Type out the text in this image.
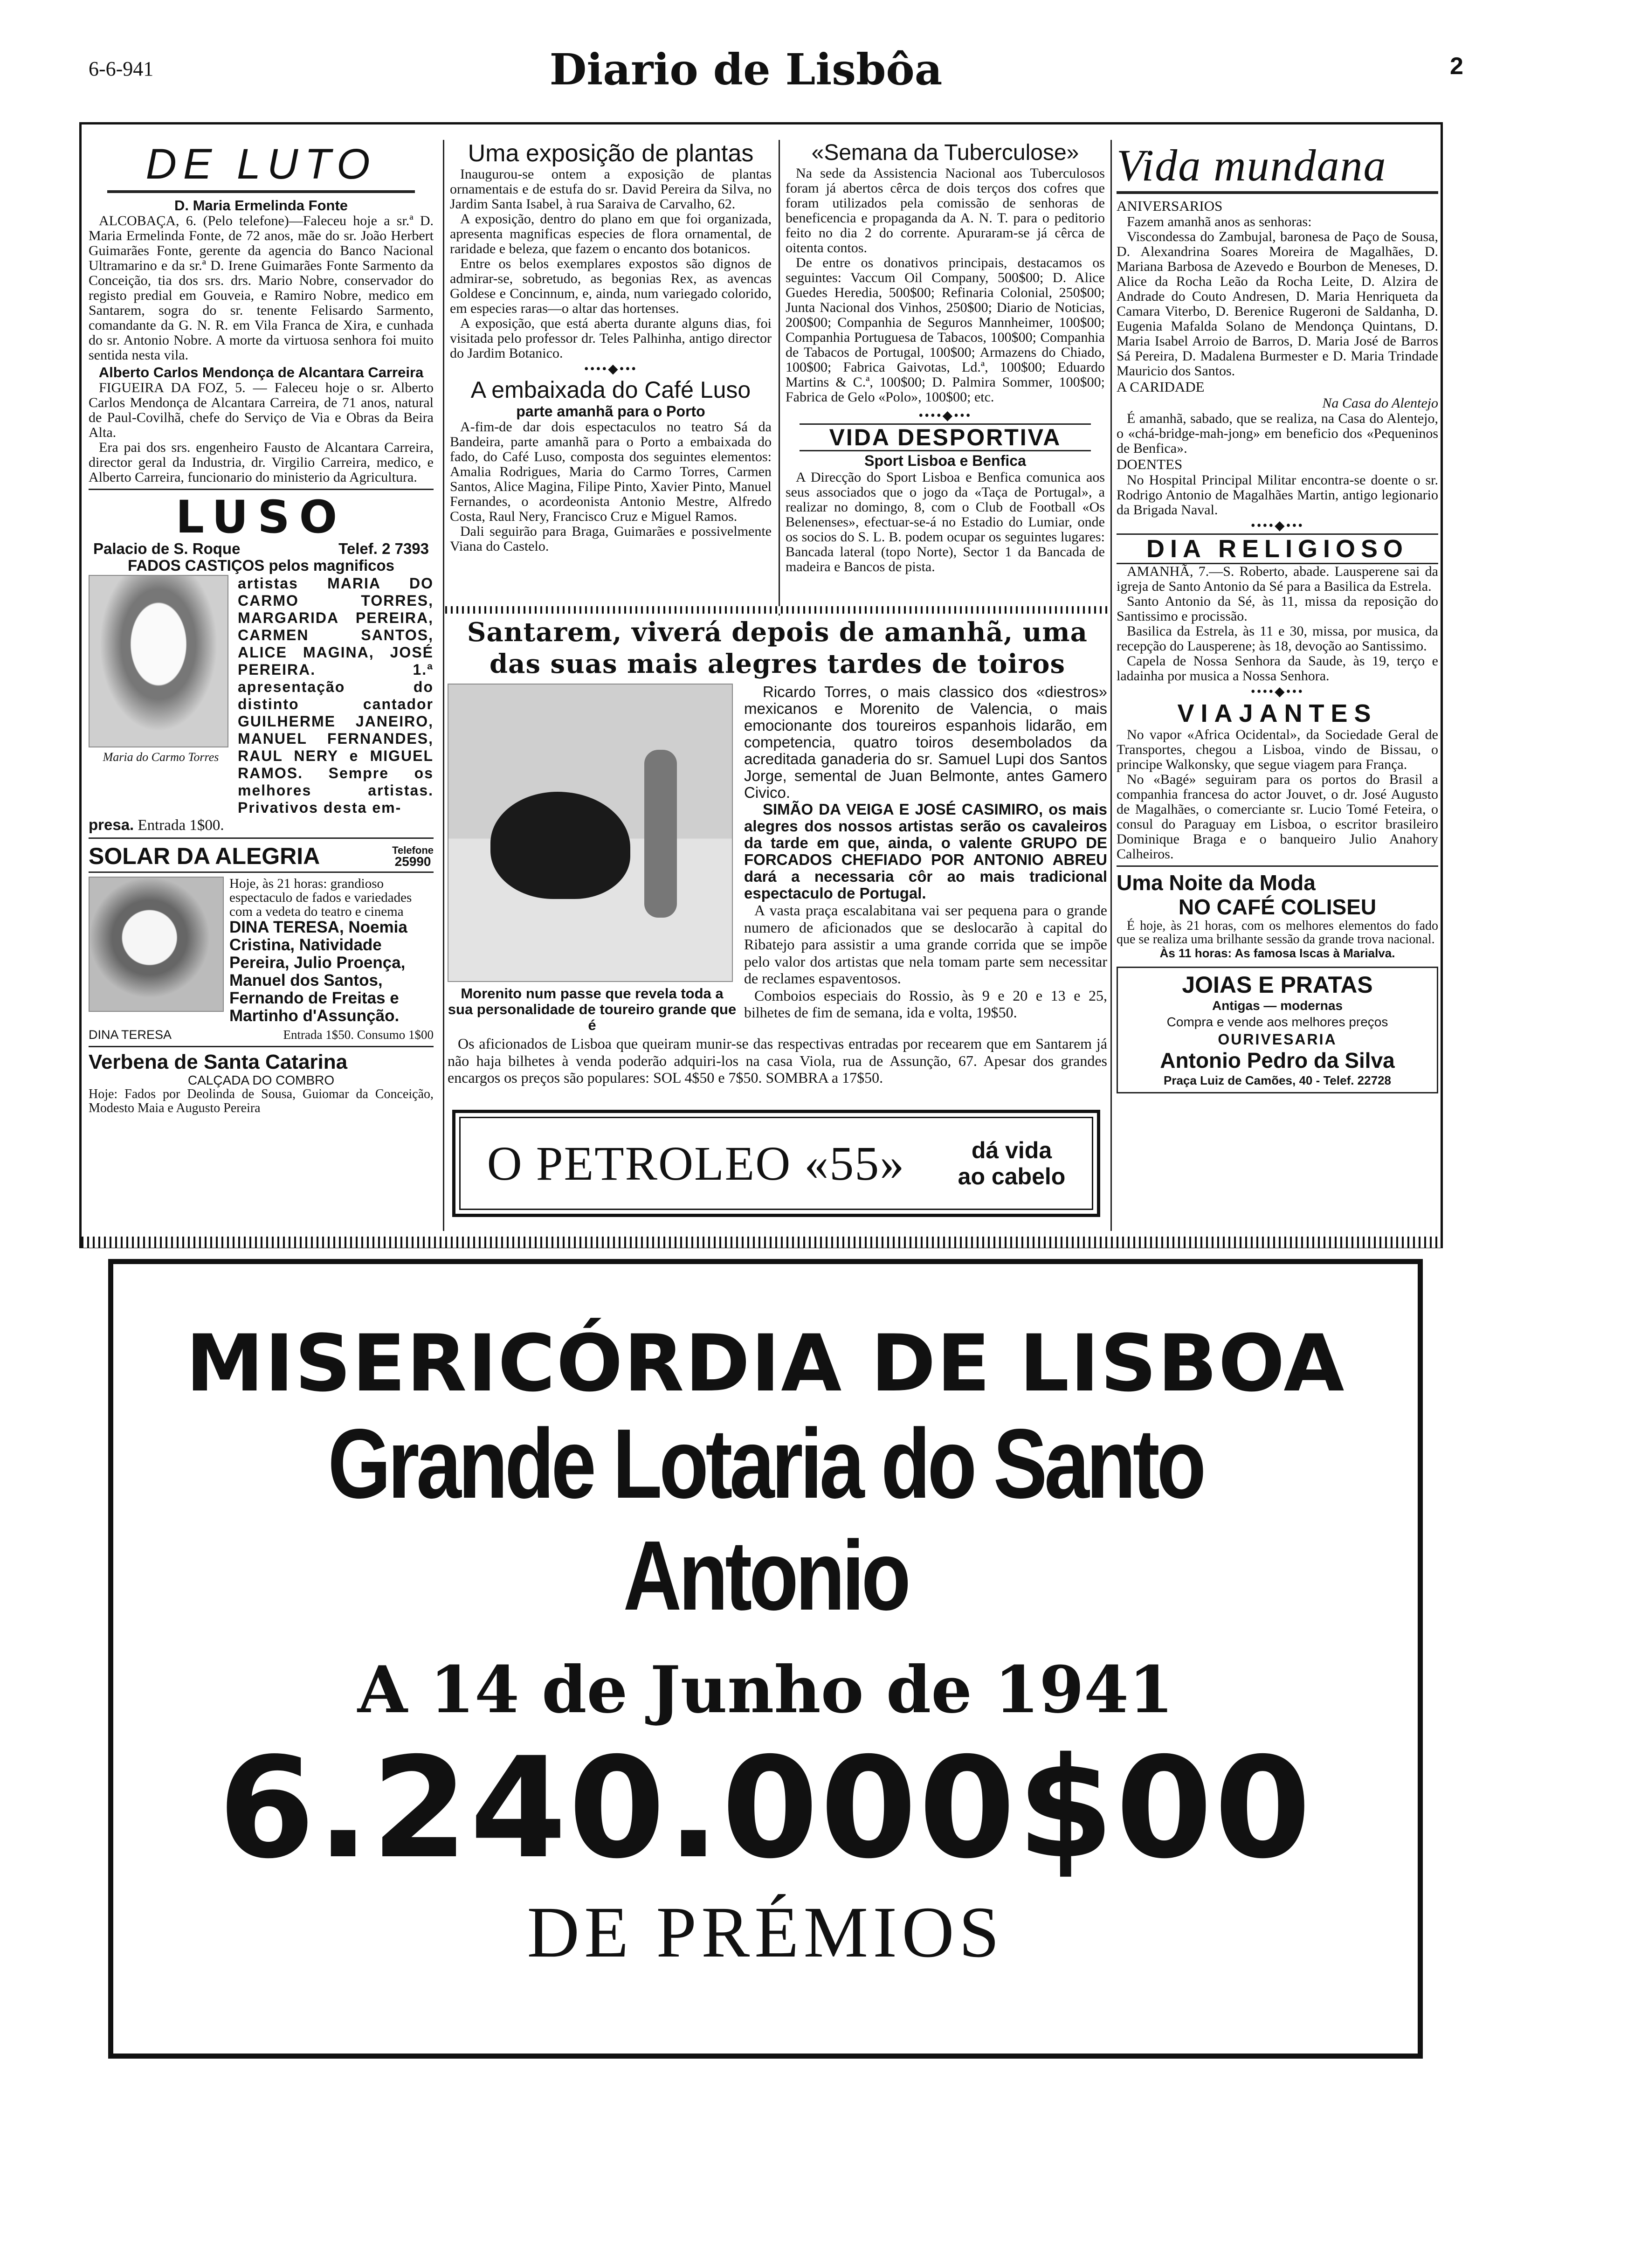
6-6-941	Diario de Lisbôa	2
DE LUTO
D. Maria Ermelinda Fonte
ALCOBAÇA, 6. (Pelo telefone)—Faleceu hoje a sr.ª D. Maria Ermelinda Fonte, de 72 anos, mãe do sr. João Herbert Guimarães Fonte, gerente da agencia do Banco Nacional Ultramarino e da sr.ª D. Irene Guimarães Fonte Sarmento da Conceição, tia dos srs. drs. Mario Nobre, conservador do registo predial em Gouveia, e Ramiro Nobre, medico em Santarem, sogra do sr. tenente Felisardo Sarmento, comandante da G. N. R. em Vila Franca de Xira, e cunhada do sr. Antonio Nobre. A morte da virtuosa senhora foi muito sentida nesta vila.
Alberto Carlos Mendonça de Alcantara Carreira
FIGUEIRA DA FOZ, 5. — Faleceu hoje o sr. Alberto Carlos Mendonça de Alcantara Carreira, de 71 anos, natural de Paul-Covilhã, chefe do Serviço de Via e Obras da Beira Alta.
Era pai dos srs. engenheiro Fausto de Alcantara Carreira, director geral da Industria, dr. Virgilio Carreira, medico, e Alberto Carreira, funcionario do ministerio da Agricultura.
LUSO
Palacio de S. Roque	Telef. 2 7393
FADOS CASTIÇOS pelos magnificos
Maria do Carmo Torres
artistas MARIA DO CARMO TORRES, MARGARIDA PEREIRA, CARMEN SANTOS, ALICE MAGINA, JOSÉ PEREIRA. 1.ª apresentação do distinto cantador GUILHERME JANEIRO, MANUEL FERNANDES, RAUL NERY e MIGUEL RAMOS. Sempre os melhores artistas. Privativos desta em-
presa. Entrada 1$00.
SOLAR DA ALEGRIA	Telefone
25990
Hoje, às 21 horas: grandioso espectaculo de fados e variedades com a vedeta do teatro e cinema
DINA TERESA, Noemia Cristina, Natividade Pereira, Julio Proença, Manuel dos Santos, Fernando de Freitas e Martinho d'Assunção.
DINA TERESA	Entrada 1$50. Consumo 1$00
Verbena de Santa Catarina
CALÇADA DO COMBRO
Hoje: Fados por Deolinda de Sousa, Guiomar da Conceição, Modesto Maia e Augusto Pereira
Uma exposição de plantas
Inaugurou-se ontem a exposição de plantas ornamentais e de estufa do sr. David Pereira da Silva, no Jardim Santa Isabel, à rua Saraiva de Carvalho, 62.
A exposição, dentro do plano em que foi organizada, apresenta magnificas especies de flora ornamental, de raridade e beleza, que fazem o encanto dos botanicos.
Entre os belos exemplares expostos são dignos de admirar-se, sobretudo, as begonias Rex, as avencas Goldese e Concinnum, e, ainda, num variegado colorido, em especies raras—o altar das hortenses.
A exposição, que está aberta durante alguns dias, foi visitada pelo professor dr. Teles Palhinha, antigo director do Jardim Botanico.
••••◆•••
A embaixada do Café Luso
parte amanhã para o Porto
A-fim-de dar dois espectaculos no teatro Sá da Bandeira, parte amanhã para o Porto a embaixada do fado, do Café Luso, composta dos seguintes elementos: Amalia Rodrigues, Maria do Carmo Torres, Carmen Santos, Alice Magina, Filipe Pinto, Xavier Pinto, Manuel Fernandes, o acordeonista Antonio Mestre, Alfredo Costa, Raul Nery, Francisco Cruz e Miguel Ramos.
Dali seguirão para Braga, Guimarães e possivelmente Viana do Castelo.
«Semana da Tuberculose»
Na sede da Assistencia Nacional aos Tuberculosos foram já abertos cêrca de dois terços dos cofres que foram utilizados pela comissão de senhoras de beneficencia e propaganda da A. N. T. para o peditorio feito no dia 2 do corrente. Apuraram-se já cêrca de oitenta contos.
De entre os donativos principais, destacamos os seguintes: Vaccum Oil Company, 500$00; D. Alice Guedes Heredia, 500$00; Refinaria Colonial, 250$00; Junta Nacional dos Vinhos, 250$00; Diario de Noticias, 200$00; Companhia de Seguros Mannheimer, 100$00; Companhia Portuguesa de Tabacos, 100$00; Companhia de Tabacos de Portugal, 100$00; Armazens do Chiado, 100$00; Fabrica Gaivotas, Ld.ª, 100$00; Eduardo Martins & C.ª, 100$00; D. Palmira Sommer, 100$00; Fabrica de Gelo «Polo», 100$00; etc.
••••◆•••
VIDA DESPORTIVA
Sport Lisboa e Benfica
A Direcção do Sport Lisboa e Benfica comunica aos seus associados que o jogo da «Taça de Portugal», a realizar no domingo, 8, com o Club de Football «Os Belenenses», efectuar-se-á no Estadio do Lumiar, onde os socios do S. L. B. podem ocupar os seguintes lugares: Bancada lateral (topo Norte), Sector 1 da Bancada de madeira e Bancos de pista.
Santarem, viverá depois de amanhã, uma das suas mais alegres tardes de toiros
Morenito num passe que revela toda a sua personalidade de toureiro grande que é
Ricardo Torres, o mais classico dos «diestros» mexicanos e Morenito de Valencia, o mais emocionante dos toureiros espanhois lidarão, em competencia, quatro toiros desembolados da acreditada ganaderia do sr. Samuel Lupi dos Santos Jorge, semental de Juan Belmonte, antes Gamero Civico.
SIMÃO DA VEIGA E JOSÉ CASIMIRO, os mais alegres dos nossos artistas serão os cavaleiros da tarde em que, ainda, o valente GRUPO DE FORCADOS CHEFIADO POR ANTONIO ABREU dará a necessaria côr ao mais tradicional espectaculo de Portugal.
A vasta praça escalabitana vai ser pequena para o grande numero de aficionados que se deslocarão à capital do Ribatejo para assistir a uma grande corrida que se impõe pelo valor dos artistas que nela tomam parte sem necessitar de reclames espaventosos.
Comboios especiais do Rossio, às 9 e 20 e 13 e 25, bilhetes de fim de semana, ida e volta, 19$50.
Os aficionados de Lisboa que queiram munir-se das respectivas entradas por recearem que em Santarem já não haja bilhetes à venda poderão adquiri-los na casa Viola, rua de Assunção, 67. Apesar dos grandes encargos os preços são populares: SOL 4$50 e 7$50. SOMBRA a 17$50.
O PETROLEO «55»	dá vida
ao cabelo
Vida mundana
ANIVERSARIOS
Fazem amanhã anos as senhoras:
Viscondessa do Zambujal, baronesa de Paço de Sousa, D. Alexandrina Soares Moreira de Magalhães, D. Mariana Barbosa de Azevedo e Bourbon de Meneses, D. Alice da Rocha Leão da Rocha Leite, D. Alzira de Andrade do Couto Andresen, D. Maria Henriqueta da Camara Viterbo, D. Berenice Rugeroni de Saldanha, D. Eugenia Mafalda Solano de Mendonça Quintans, D. Maria Isabel Arroio de Barros, D. Maria José de Barros Sá Pereira, D. Madalena Burmester e D. Maria Trindade Mauricio dos Santos.
A CARIDADE
Na Casa do Alentejo
É amanhã, sabado, que se realiza, na Casa do Alentejo, o «chá-bridge-mah-jong» em beneficio dos «Pequeninos de Benfica».
DOENTES
No Hospital Principal Militar encontra-se doente o sr. Rodrigo Antonio de Magalhães Martin, antigo legionario da Brigada Naval.
••••◆•••
DIA RELIGIOSO
AMANHÃ, 7.—S. Roberto, abade. Lausperene sai da igreja de Santo Antonio da Sé para a Basilica da Estrela.
Santo Antonio da Sé, às 11, missa da reposição do Santissimo e procissão.
Basilica da Estrela, às 11 e 30, missa, por musica, da recepção do Lausperene; às 18, devoção ao Santissimo.
Capela de Nossa Senhora da Saude, às 19, terço e ladainha por musica a Nossa Senhora.
••••◆•••
VIAJANTES
No vapor «Africa Ocidental», da Sociedade Geral de Transportes, chegou a Lisboa, vindo de Bissau, o principe Walkonsky, que segue viagem para França.
No «Bagé» seguiram para os portos do Brasil a companhia francesa do actor Jouvet, o dr. José Augusto de Magalhães, o comerciante sr. Lucio Tomé Feteira, o consul do Paraguay em Lisboa, o escritor brasileiro Dominique Braga e o banqueiro Julio Anahory Calheiros.
Uma Noite da Moda
NO CAFÉ COLISEU
É hoje, às 21 horas, com os melhores elementos do fado que se realiza uma brilhante sessão da grande trova nacional.
Às 11 horas: As famosa Iscas à Marialva.
JOIAS E PRATAS
Antigas — modernas
Compra e vende aos melhores preços
OURIVESARIA
Antonio Pedro da Silva
Praça Luiz de Camões, 40 - Telef. 22728
MISERICÓRDIA DE LISBOA
Grande Lotaria do Santo Antonio
A 14 de Junho de 1941
6.240.000$00
DE PRÉMIOS
